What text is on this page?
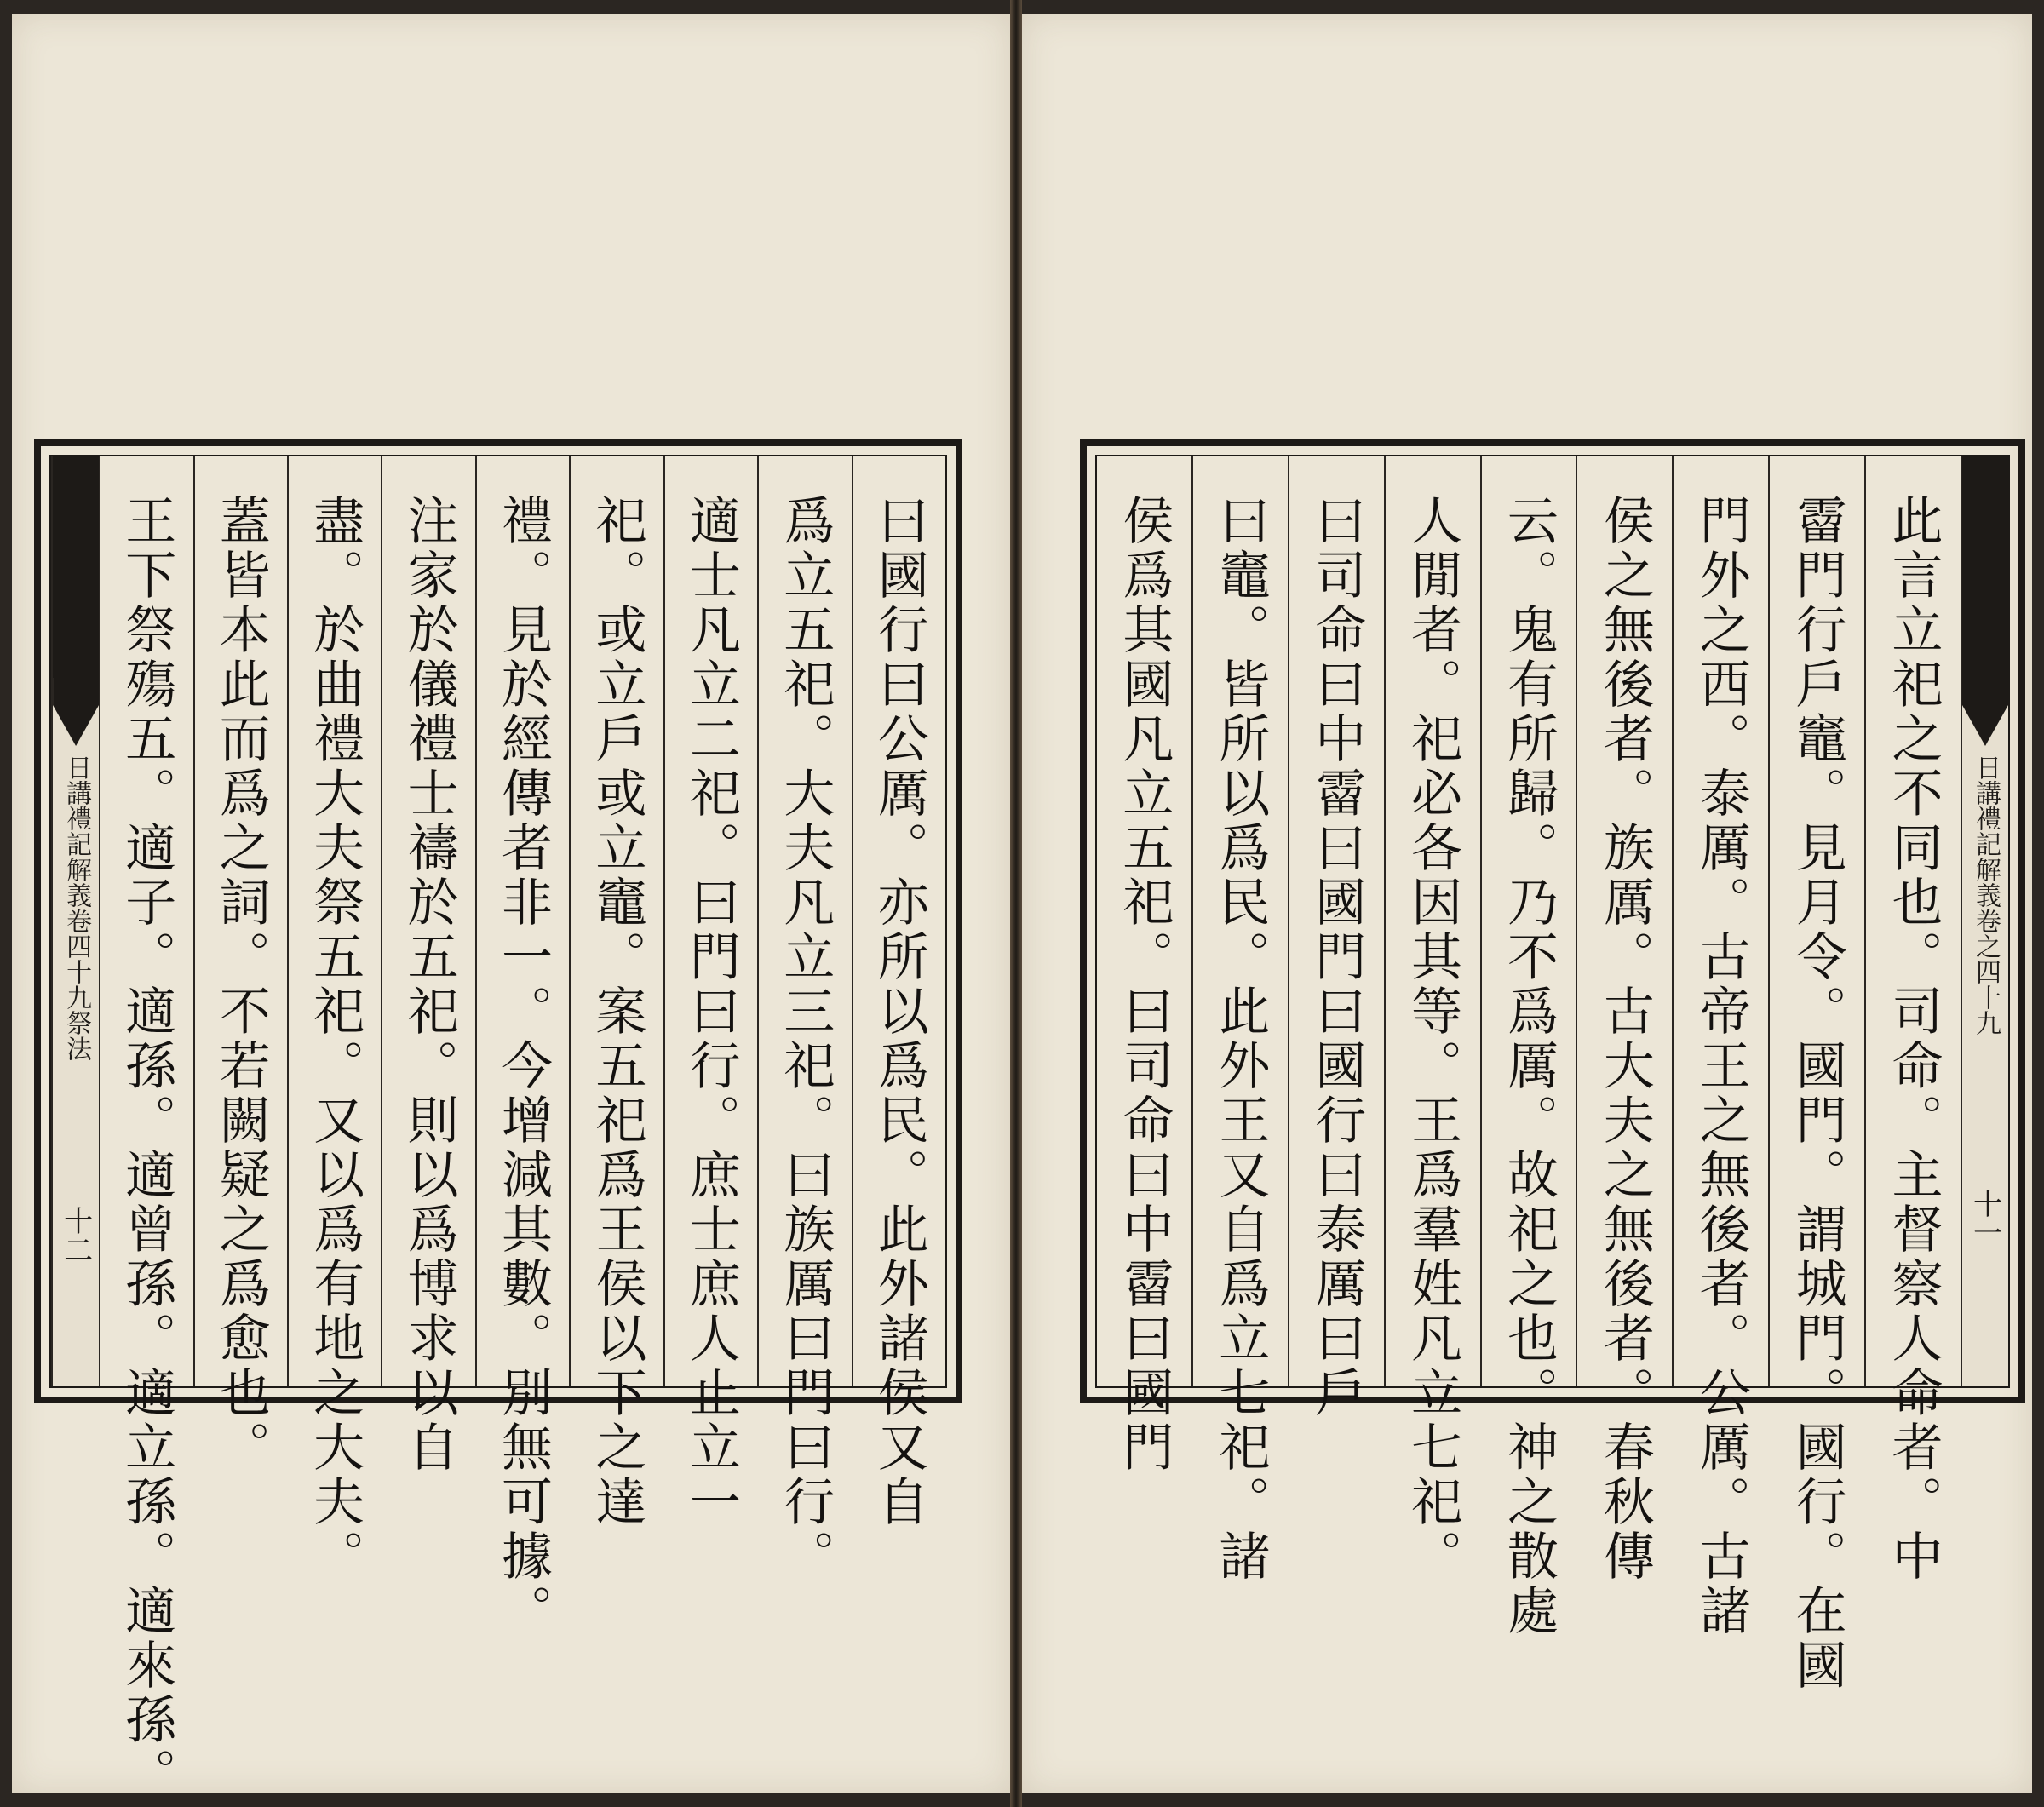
曰國行曰公厲。亦所以爲民。此外諸侯又自
爲立五祀。大夫凡立三祀。曰族厲曰門曰行。
適士凡立二祀。曰門曰行。庶士庶人止立一
祀。或立戶或立竈。案五祀爲王侯以下之達
禮。見於經傳者非一。今增減其數。別無可據。
注家於儀禮士禱於五祀。則以爲博求以自
盡。於曲禮大夫祭五祀。又以爲有地之大夫。
蓋皆本此而爲之詞。不若闕疑之爲愈也。
王下祭殤五。適子。適孫。適曾孫。適立孫。適來孫。
日講禮記解義卷四十九祭法
十二
日講禮記解義卷之四十九
十一
此言立祀之不同也。司命。主督察人命者。中
霤門行戶竈。見月令。國門。謂城門。國行。在國
門外之西。泰厲。古帝王之無後者。公厲。古諸
侯之無後者。族厲。古大夫之無後者。春秋傳
云。鬼有所歸。乃不爲厲。故祀之也。神之散處
人閒者。祀必各因其等。王爲羣姓凡立七祀。
曰司命曰中霤曰國門曰國行曰泰厲曰戶
曰竈。皆所以爲民。此外王又自爲立七祀。諸
侯爲其國凡立五祀。曰司命曰中霤曰國門
